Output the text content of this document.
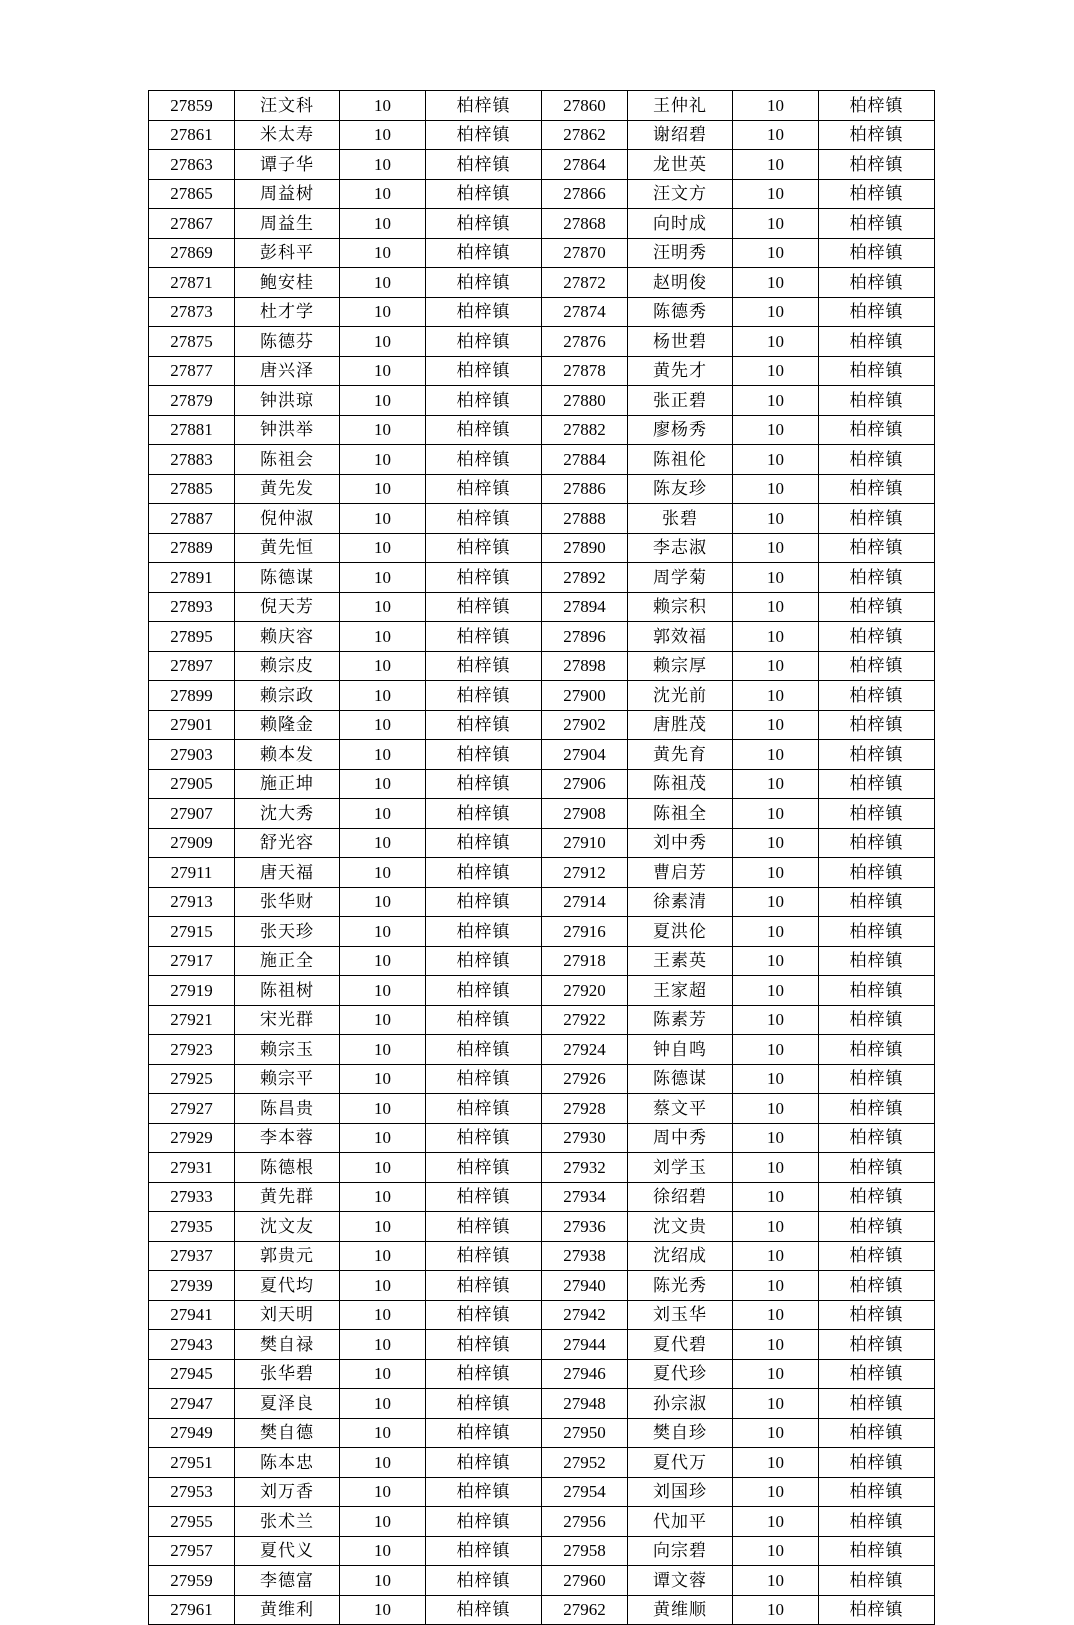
27859	汪文科	10	柏梓镇	27860	王仲礼	10	柏梓镇
27861	米太寿	10	柏梓镇	27862	谢绍碧	10	柏梓镇
27863	谭子华	10	柏梓镇	27864	龙世英	10	柏梓镇
27865	周益树	10	柏梓镇	27866	汪文方	10	柏梓镇
27867	周益生	10	柏梓镇	27868	向时成	10	柏梓镇
27869	彭科平	10	柏梓镇	27870	汪明秀	10	柏梓镇
27871	鲍安桂	10	柏梓镇	27872	赵明俊	10	柏梓镇
27873	杜才学	10	柏梓镇	27874	陈德秀	10	柏梓镇
27875	陈德芬	10	柏梓镇	27876	杨世碧	10	柏梓镇
27877	唐兴泽	10	柏梓镇	27878	黄先才	10	柏梓镇
27879	钟洪琼	10	柏梓镇	27880	张正碧	10	柏梓镇
27881	钟洪举	10	柏梓镇	27882	廖杨秀	10	柏梓镇
27883	陈祖会	10	柏梓镇	27884	陈祖伦	10	柏梓镇
27885	黄先发	10	柏梓镇	27886	陈友珍	10	柏梓镇
27887	倪仲淑	10	柏梓镇	27888	张碧	10	柏梓镇
27889	黄先恒	10	柏梓镇	27890	李志淑	10	柏梓镇
27891	陈德谋	10	柏梓镇	27892	周学菊	10	柏梓镇
27893	倪天芳	10	柏梓镇	27894	赖宗积	10	柏梓镇
27895	赖庆容	10	柏梓镇	27896	郭效福	10	柏梓镇
27897	赖宗皮	10	柏梓镇	27898	赖宗厚	10	柏梓镇
27899	赖宗政	10	柏梓镇	27900	沈光前	10	柏梓镇
27901	赖隆金	10	柏梓镇	27902	唐胜茂	10	柏梓镇
27903	赖本发	10	柏梓镇	27904	黄先育	10	柏梓镇
27905	施正坤	10	柏梓镇	27906	陈祖茂	10	柏梓镇
27907	沈大秀	10	柏梓镇	27908	陈祖全	10	柏梓镇
27909	舒光容	10	柏梓镇	27910	刘中秀	10	柏梓镇
27911	唐天福	10	柏梓镇	27912	曹启芳	10	柏梓镇
27913	张华财	10	柏梓镇	27914	徐素清	10	柏梓镇
27915	张天珍	10	柏梓镇	27916	夏洪伦	10	柏梓镇
27917	施正全	10	柏梓镇	27918	王素英	10	柏梓镇
27919	陈祖树	10	柏梓镇	27920	王家超	10	柏梓镇
27921	宋光群	10	柏梓镇	27922	陈素芳	10	柏梓镇
27923	赖宗玉	10	柏梓镇	27924	钟自鸣	10	柏梓镇
27925	赖宗平	10	柏梓镇	27926	陈德谋	10	柏梓镇
27927	陈昌贵	10	柏梓镇	27928	蔡文平	10	柏梓镇
27929	李本蓉	10	柏梓镇	27930	周中秀	10	柏梓镇
27931	陈德根	10	柏梓镇	27932	刘学玉	10	柏梓镇
27933	黄先群	10	柏梓镇	27934	徐绍碧	10	柏梓镇
27935	沈文友	10	柏梓镇	27936	沈文贵	10	柏梓镇
27937	郭贵元	10	柏梓镇	27938	沈绍成	10	柏梓镇
27939	夏代均	10	柏梓镇	27940	陈光秀	10	柏梓镇
27941	刘天明	10	柏梓镇	27942	刘玉华	10	柏梓镇
27943	樊自禄	10	柏梓镇	27944	夏代碧	10	柏梓镇
27945	张华碧	10	柏梓镇	27946	夏代珍	10	柏梓镇
27947	夏泽良	10	柏梓镇	27948	孙宗淑	10	柏梓镇
27949	樊自德	10	柏梓镇	27950	樊自珍	10	柏梓镇
27951	陈本忠	10	柏梓镇	27952	夏代万	10	柏梓镇
27953	刘万香	10	柏梓镇	27954	刘国珍	10	柏梓镇
27955	张术兰	10	柏梓镇	27956	代加平	10	柏梓镇
27957	夏代义	10	柏梓镇	27958	向宗碧	10	柏梓镇
27959	李德富	10	柏梓镇	27960	谭文蓉	10	柏梓镇
27961	黄维利	10	柏梓镇	27962	黄维顺	10	柏梓镇
